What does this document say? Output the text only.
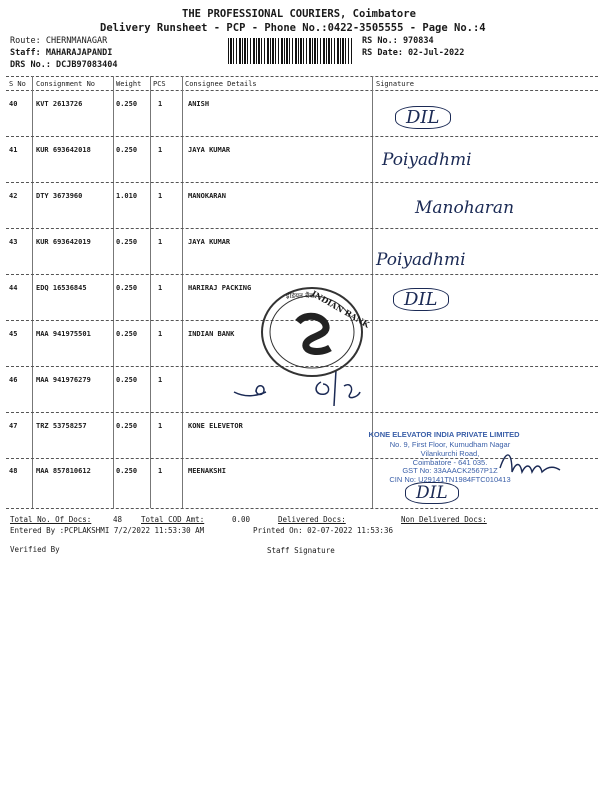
THE PROFESSIONAL COURIERS, Coimbatore
Delivery Runsheet - PCP - Phone No.:0422-3505555 - Page No.:4
Route: CHERNMANAGAR
Staff: MAHARAJAPANDI
DRS No.: DCJB97083404
RS No.: 970834
RS Date: 02-Jul-2022
S No Consignment No	Weight PCS	Consignee Details	Signature
40	KVT 2613726	0.250	1	ANISH
41	KUR 693642018	0.250	1	JAYA KUMAR
42	DTY 3673960	1.010	1	MANOKARAN
43	KUR 693642019	0.250	1	JAYA KUMAR
44	EDQ 16536845	0.250	1	HARIRAJ PACKING
45	MAA 941975501	0.250	1	INDIAN BANK
46	MAA 941976279	0.250	1
47	TRZ 53758257	0.250	1	KONE ELEVETOR
48	MAA 857810612	0.250	1	MEENAKSHI
DIL
Poiyadhmi
Manoharan
Poiyadhmi
DIL
DIL
इंडियन बैंक
INDIAN BANK
KONE ELEVATOR INDIA PRIVATE LIMITED
No. 9, First Floor, Kumudham Nagar
Vilankurchi Road,
Coimbatore - 641 035.
GST No: 33AAACK2567P1Z
CIN No: U29141TN1984FTC010413
Total No. Of Docs:	48	Total COD Amt:	0.00	Delivered Docs:	Non Delivered Docs:
Entered By :PCPLAKSHMI 7/2/2022 11:53:30 AM	Printed On: 02-07-2022 11:53:36
Verified By	Staff Signature
